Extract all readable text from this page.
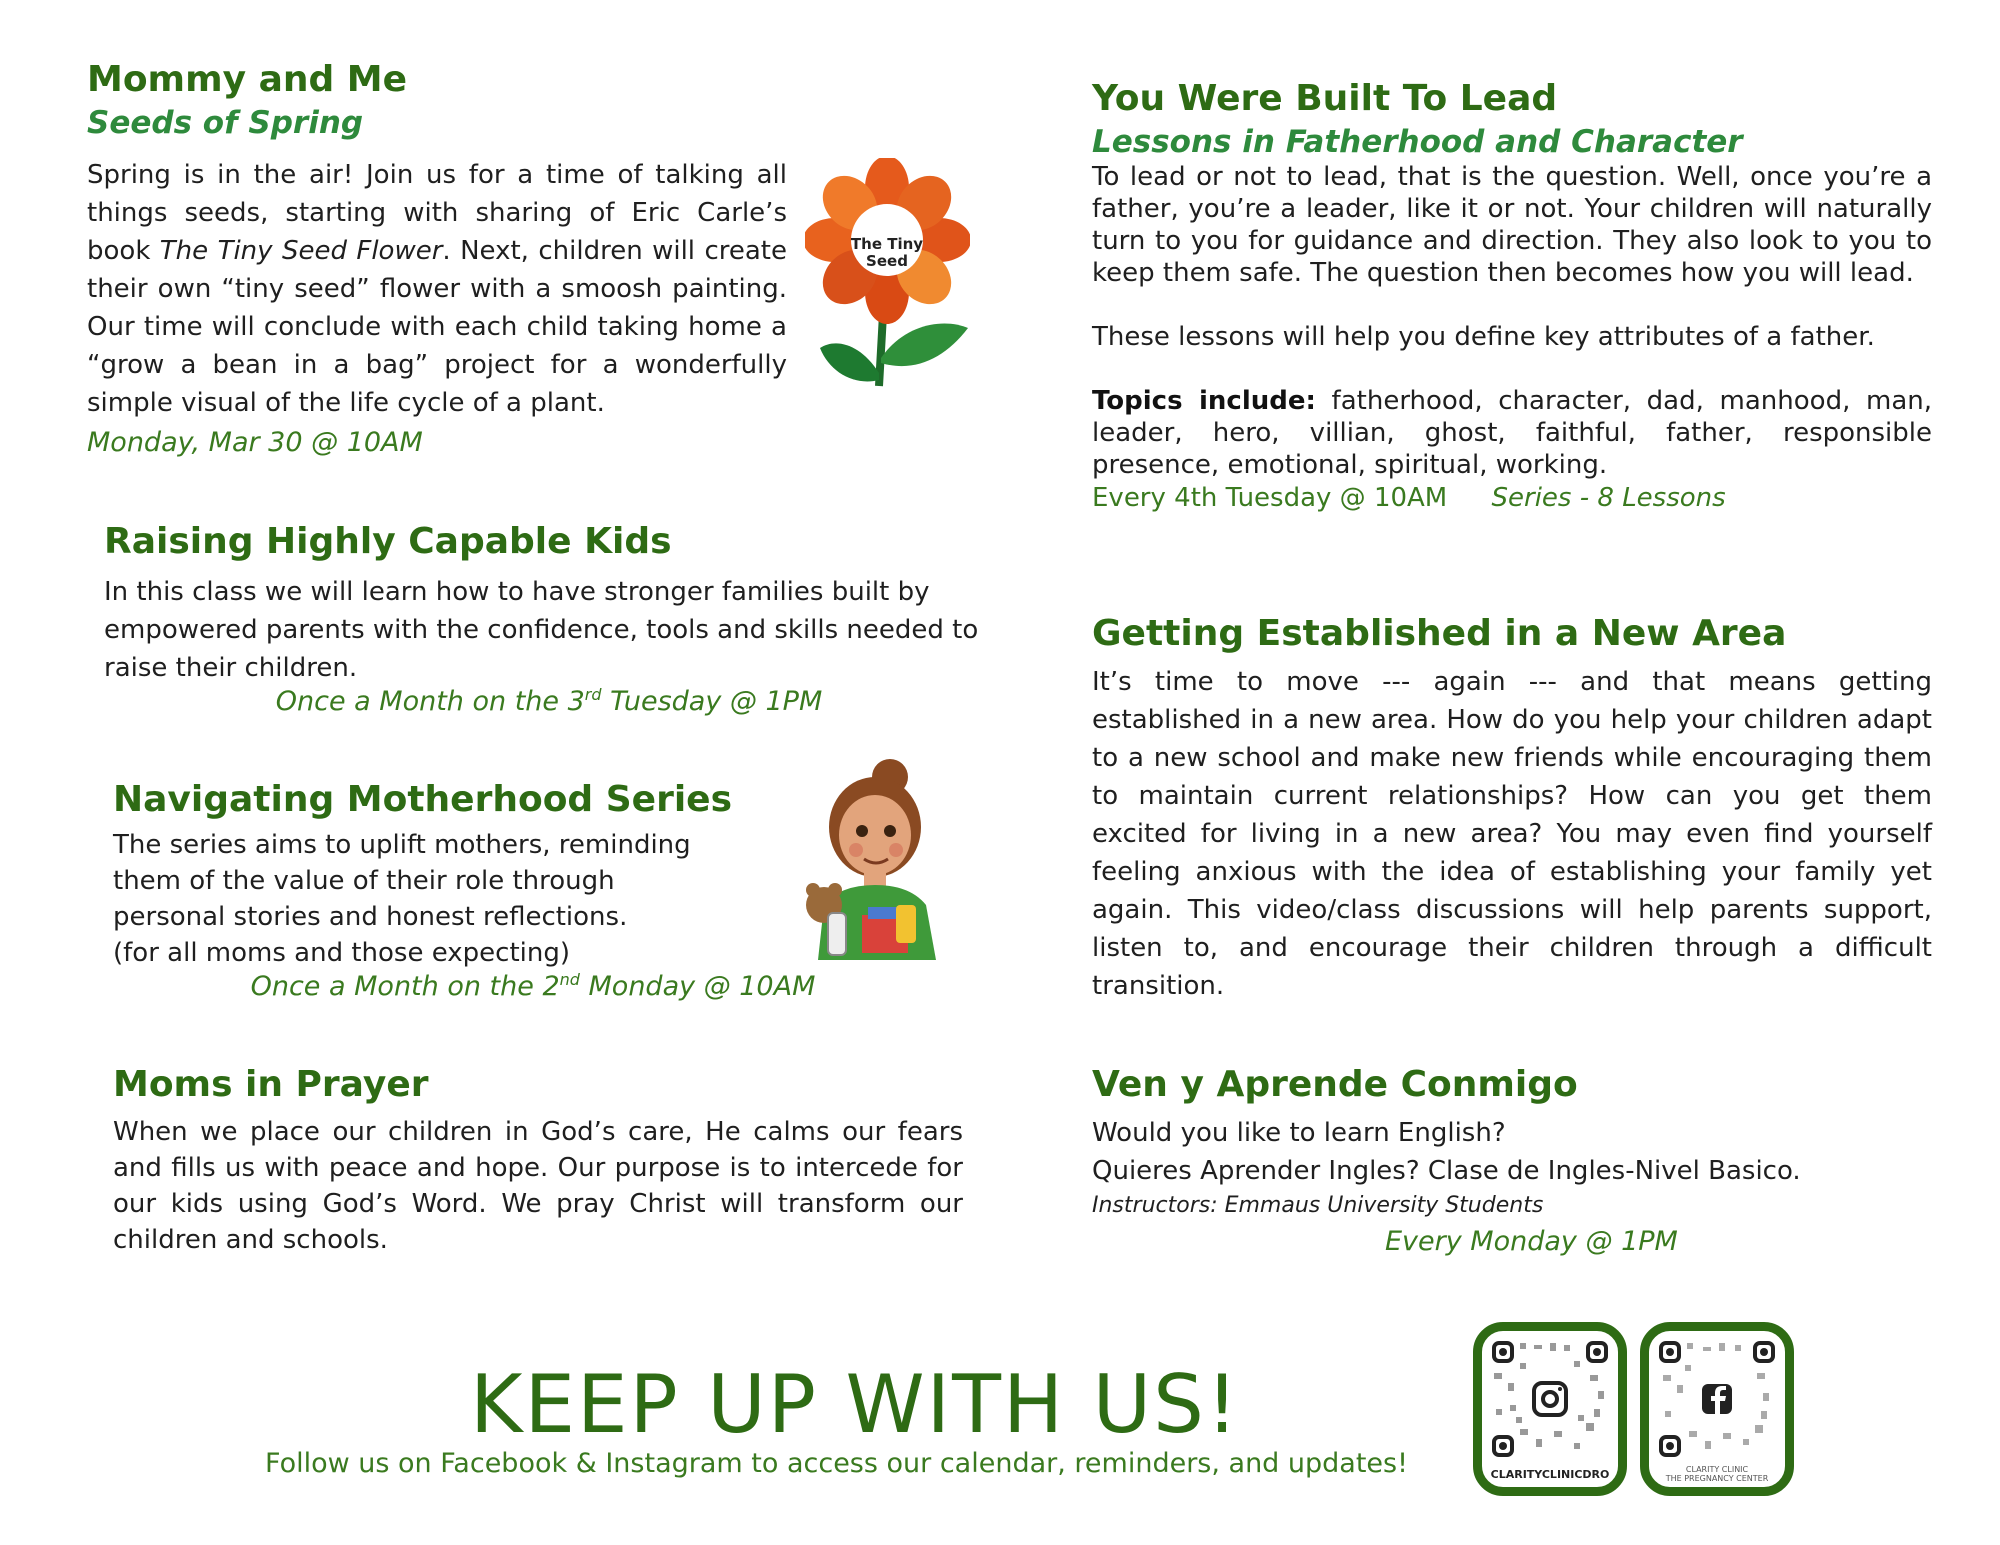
Mommy and Me
Seeds of Spring
Spring is in the air! Join us for a time of talking all things seeds, starting with sharing of Eric Carle’s book The Tiny Seed Flower. Next, children will create their own “tiny seed” flower with a smoosh painting. Our time will conclude with each child taking home a “grow a bean in a bag” project for a wonderfully simple visual of the life cycle of a plant.
Monday, Mar 30 @ 10AM
The Tiny Seed
Raising Highly Capable Kids
In this class we will learn how to have stronger families built by empowered parents with the confidence, tools and skills needed to raise their children.
Once a Month on the 3rd Tuesday @ 1PM
Navigating Motherhood Series
The series aims to uplift mothers, reminding
them of the value of their role through
personal stories and honest reflections.
(for all moms and those expecting)
Once a Month on the 2nd Monday @ 10AM
Moms in Prayer
When we place our children in God’s care, He calms our fears and fills us with peace and hope. Our purpose is to intercede for our kids using God’s Word. We pray Christ will transform our children and schools.
You Were Built To Lead
Lessons in Fatherhood and Character
To lead or not to lead, that is the question. Well, once you’re a father, you’re a leader, like it or not. Your children will naturally turn to you for guidance and direction. They also look to you to keep them safe. The question then becomes how you will lead.
These lessons will help you define key attributes of a father.
Topics include: fatherhood, character, dad, manhood, man, leader, hero, villian, ghost, faithful, father, responsible presence, emotional, spiritual, working.
Every 4th Tuesday @ 10AM Series - 8 Lessons
Getting Established in a New Area
It’s time to move --- again --- and that means getting established in a new area. How do you help your children adapt to a new school and make new friends while encouraging them to maintain current relationships? How can you get them excited for living in a new area? You may even find yourself feeling anxious with the idea of establishing your family yet again. This video/class discussions will help parents support, listen to, and encourage their children through a difficult transition.
Ven y Aprende Conmigo
Would you like to learn English?
Quieres Aprender Ingles? Clase de Ingles-Nivel Basico.
Instructors: Emmaus University Students
Every Monday @ 1PM
KEEP UP WITH US!
Follow us on Facebook & Instagram to access our calendar, reminders, and updates!	CLARITYCLINICDRO	CLARITY CLINIC
THE PREGNANCY CENTER
